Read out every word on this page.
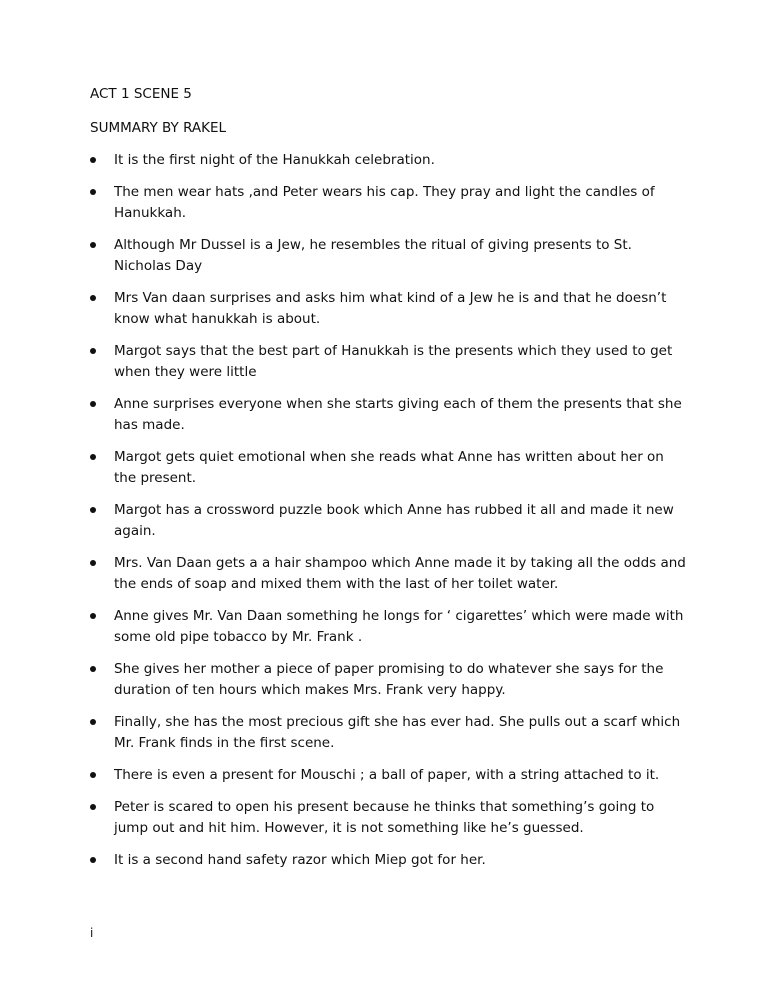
ACT 1 SCENE 5

SUMMARY BY RAKEL

It is the first night of the Hanukkah celebration.
The men wear hats ,and Peter wears his cap. They pray and light the candles of Hanukkah.
Although Mr Dussel is a Jew, he resembles the ritual of giving presents to St. Nicholas Day
Mrs Van daan surprises and asks him what kind of a Jew he is and that he doesn’t know what hanukkah is about.
Margot says that the best part of Hanukkah is the presents which they used to get when they were little
Anne surprises everyone when she starts giving each of them the presents that she has made.
Margot gets quiet emotional when she reads what Anne has written about her on the present.
Margot has a crossword puzzle book which Anne has rubbed it all and made it new again.
Mrs. Van Daan gets a a hair shampoo which Anne made it by taking all the odds and the ends of soap and mixed them with the last of her toilet water.
Anne gives Mr. Van Daan something he longs for ‘ cigarettes’ which were made with some old pipe tobacco by Mr. Frank .
She gives her mother a piece of paper promising to do whatever she says for the duration of ten hours which makes Mrs. Frank very happy.
Finally, she has the most precious gift she has ever had. She pulls out a scarf which Mr. Frank finds in the first scene.
There is even a present for Mouschi ; a ball of paper, with a string attached to it.
Peter is scared to open his present because he thinks that something’s going to jump out and hit him. However, it is not something like he’s guessed.
It is a second hand safety razor which Miep got for her.
i
